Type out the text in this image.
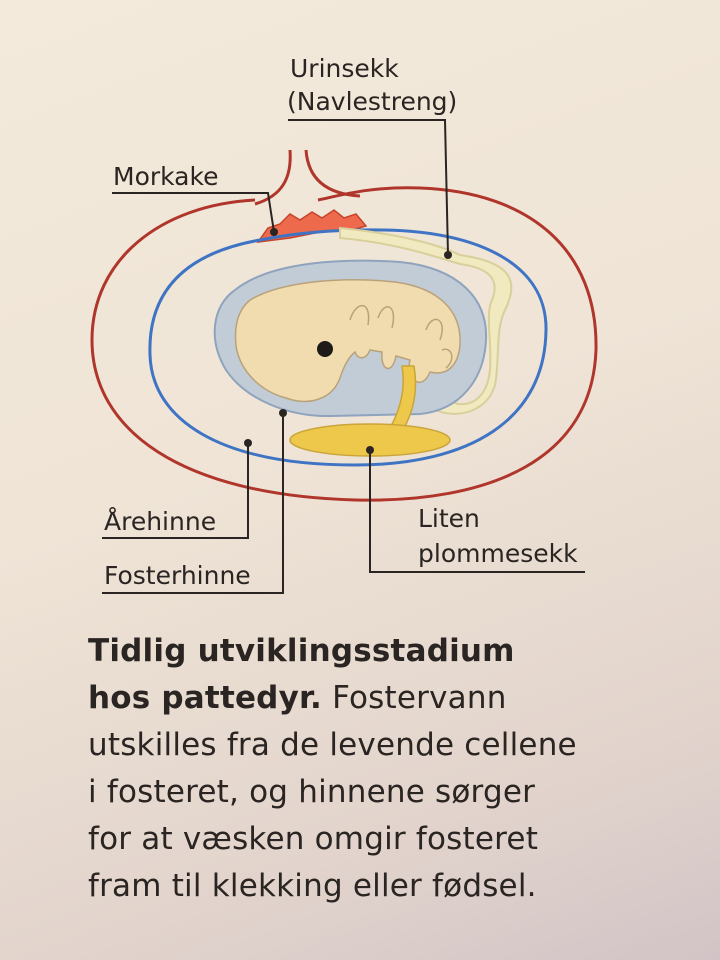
Urinsekk
(Navlestreng)
Morkake
Årehinne
Fosterhinne
Liten
plommesekk
Tidlig utviklingsstadium
hos pattedyr. Fostervann
utskilles fra de levende cellene
i fosteret, og hinnene sørger
for at væsken omgir fosteret
fram til klekking eller fødsel.
